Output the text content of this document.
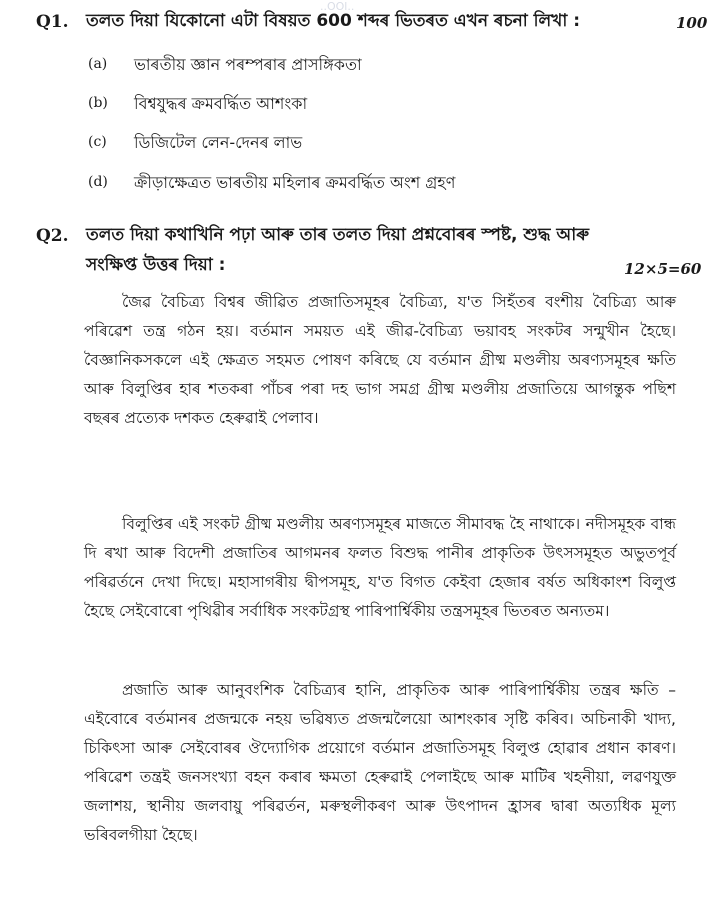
..OOl..
Q1. তলত দিয়া যিকোনো এটা বিষয়ত 600 শব্দৰ ভিতৰত এখন ৰচনা লিখা :	100
(a) ভাৰতীয় জ্ঞান পৰম্পৰাৰ প্ৰাসঙ্গিকতা
(b) বিশ্বযুদ্ধৰ ক্ৰমবৰ্দ্ধিত আশংকা
(c) ডিজিটেল লেন-দেনৰ লাভ
(d) ক্ৰীড়াক্ষেত্ৰত ভাৰতীয় মহিলাৰ ক্ৰমবৰ্দ্ধিত অংশ গ্ৰহণ
Q2. তলত দিয়া কথাখিনি পঢ়া আৰু তাৰ তলত দিয়া প্ৰশ্নবোৰৰ স্পষ্ট, শুদ্ধ আৰু
সংক্ষিপ্ত উত্তৰ দিয়া :	12×5=60
জৈৱ বৈচিত্ৰ্য বিশ্বৰ জীৱিত প্ৰজাতিসমূহৰ বৈচিত্ৰ্য, য'ত সিহঁতৰ বংশীয় বৈচিত্ৰ্য আৰু পৰিৱেশ তন্ত্ৰ গঠন হয়। বৰ্তমান সময়ত এই জীৱ-বৈচিত্ৰ্য ভয়াবহ সংকটৰ সন্মুখীন হৈছে। বৈজ্ঞানিকসকলে এই ক্ষেত্ৰত সহমত পোষণ কৰিছে যে বৰ্তমান গ্ৰীষ্ম মণ্ডলীয় অৰণ্যসমূহৰ ক্ষতি আৰু বিলুপ্তিৰ হাৰ শতকৰা পাঁচৰ পৰা দহ ভাগ সমগ্ৰ গ্ৰীষ্ম মণ্ডলীয় প্ৰজাতিয়ে আগন্তুক পছিশ বছৰৰ প্ৰত্যেক দশকত হেৰুৱাই পেলাব।
বিলুপ্তিৰ এই সংকট গ্ৰীষ্ম মণ্ডলীয় অৰণ্যসমূহৰ মাজতে সীমাবদ্ধ হৈ নাথাকে। নদীসমূহক বান্ধ দি ৰখা আৰু বিদেশী প্ৰজাতিৰ আগমনৰ ফলত বিশুদ্ধ পানীৰ প্ৰাকৃতিক উৎসসমূহত অভুতপূৰ্ব পৰিৱৰ্তনে দেখা দিছে। মহাসাগৰীয় দ্বীপসমূহ, য'ত বিগত কেইবা হেজাৰ বৰ্ষত অধিকাংশ বিলুপ্ত হৈছে সেইবোৰো পৃথিৱীৰ সৰ্বাধিক সংকটগ্ৰস্থ পাৰিপাৰ্শ্বিকীয় তন্ত্ৰসমূহৰ ভিতৰত অন্যতম।
প্ৰজাতি আৰু আনুবংশিক বৈচিত্ৰ্যৰ হানি, প্ৰাকৃতিক আৰু পাৰিপাৰ্শ্বিকীয় তন্ত্ৰৰ ক্ষতি – এইবোৰে বৰ্তমানৰ প্ৰজন্মকে নহয় ভৱিষ্যত প্ৰজন্মলৈয়ো আশংকাৰ সৃষ্টি কৰিব। অচিনাকী খাদ্য, চিকিৎসা আৰু সেইবোৰৰ ঔদ্যোগিক প্ৰয়োগে বৰ্তমান প্ৰজাতিসমূহ বিলুপ্ত হোৱাৰ প্ৰধান কাৰণ। পৰিৱেশ তন্ত্ৰই জনসংখ্যা বহন কৰাৰ ক্ষমতা হেৰুৱাই পেলাইছে আৰু মাটিৰ খহনীয়া, লৱণযুক্ত জলাশয়, স্থানীয় জলবায়ু পৰিৱৰ্তন, মৰুস্থলীকৰণ আৰু উৎপাদন হ্ৰাসৰ দ্বাৰা অত্যধিক মূল্য ভৰিবলগীয়া হৈছে।
